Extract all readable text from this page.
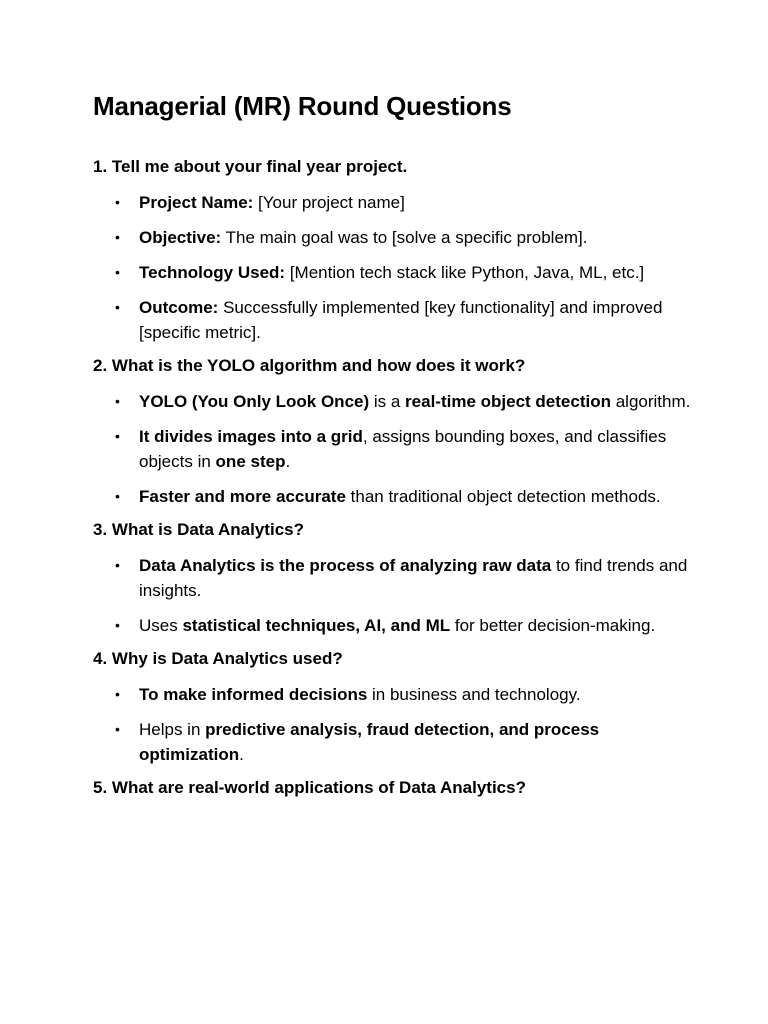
Managerial (MR) Round Questions
1. Tell me about your final year project.
• Project Name: [Your project name]
• Objective: The main goal was to [solve a specific problem].
• Technology Used: [Mention tech stack like Python, Java, ML, etc.]
• Outcome: Successfully implemented [key functionality] and improved [specific metric].
2. What is the YOLO algorithm and how does it work?
• YOLO (You Only Look Once) is a real-time object detection algorithm.
• It divides images into a grid, assigns bounding boxes, and classifies objects in one step.
• Faster and more accurate than traditional object detection methods.
3. What is Data Analytics?
• Data Analytics is the process of analyzing raw data to find trends and insights.
• Uses statistical techniques, AI, and ML for better decision-making.
4. Why is Data Analytics used?
• To make informed decisions in business and technology.
• Helps in predictive analysis, fraud detection, and process optimization.
5. What are real-world applications of Data Analytics?
